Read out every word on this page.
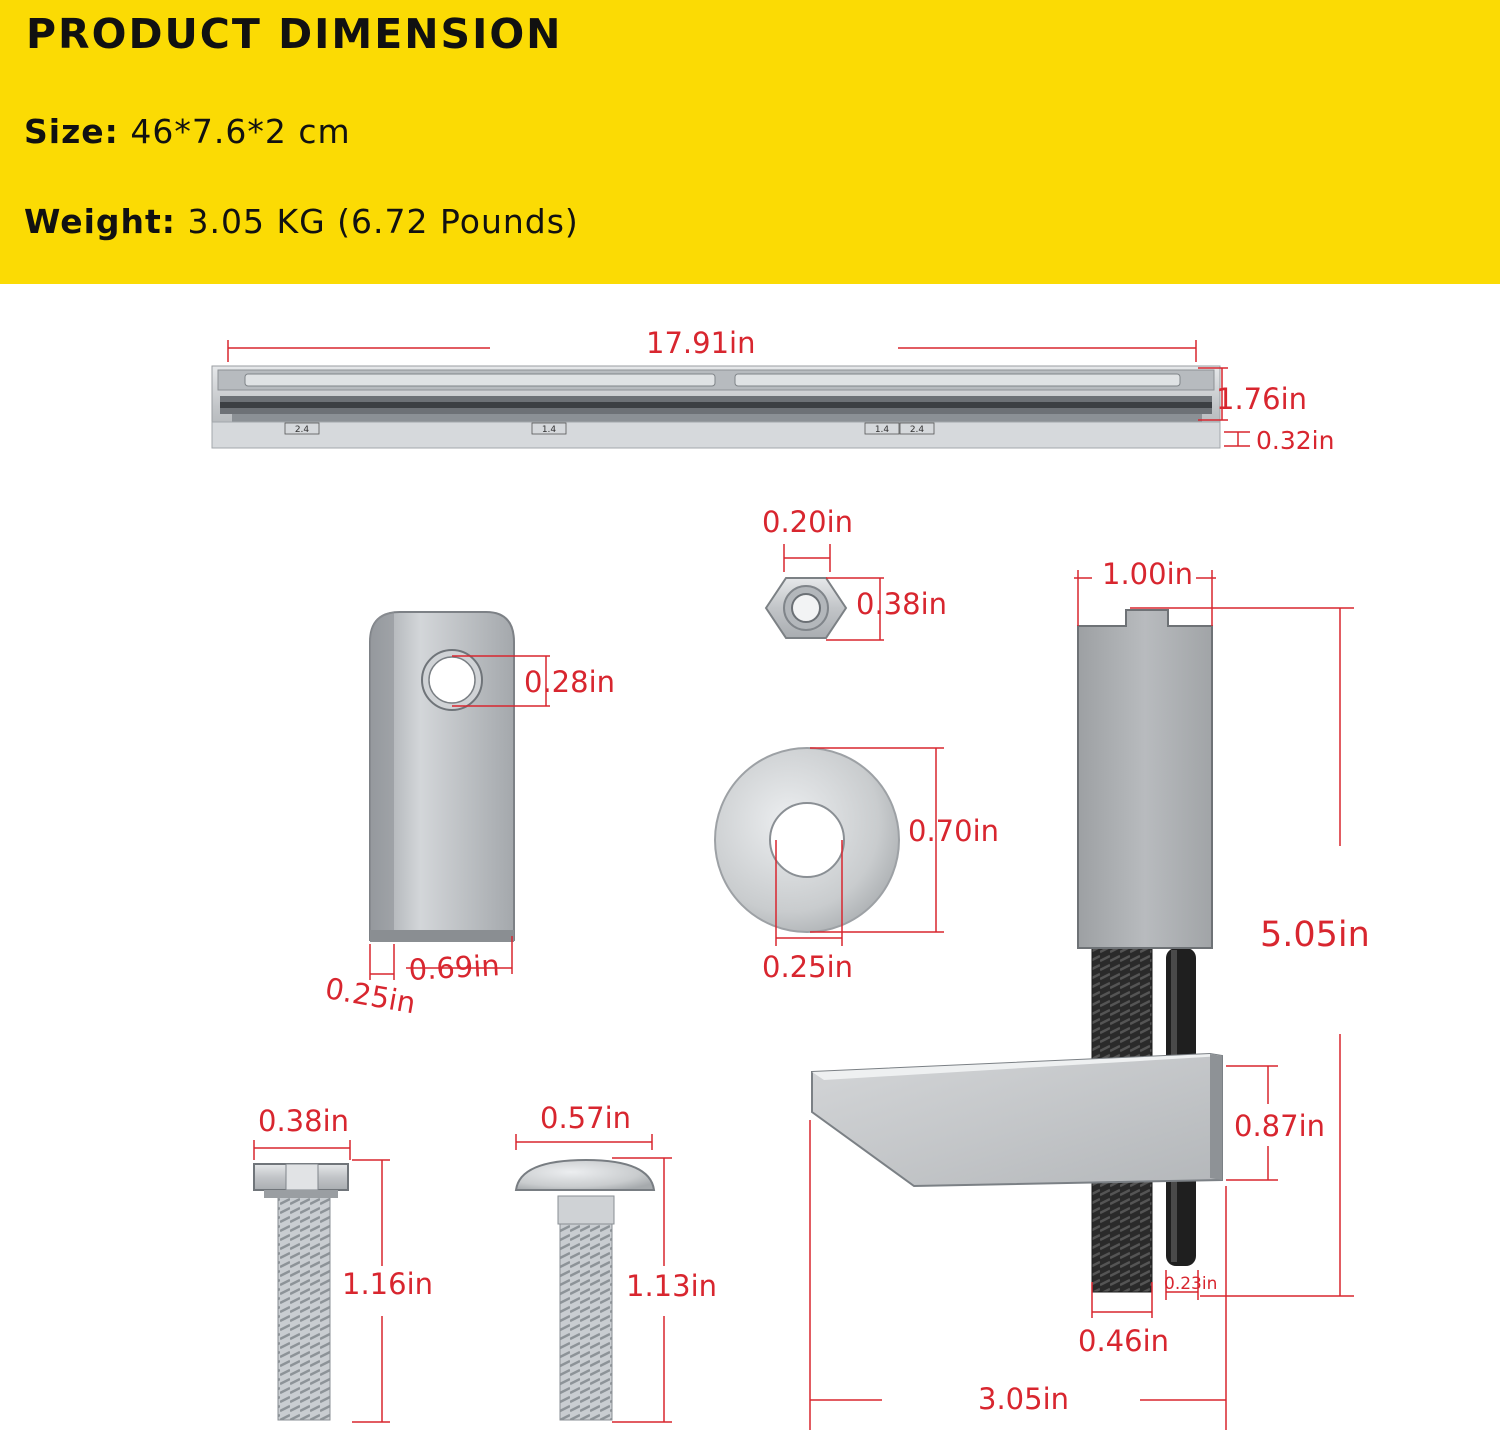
PRODUCT DIMENSION
Size: 46*7.6*2 cm
Weight: 3.05 KG (6.72 Pounds)
2.4	1.4	1.4 2.4
17.91in
1.76in
0.32in
0.20in
0.38in
0.28in
0.69in
0.25in
0.70in
0.25in
1.00in
5.05in
0.87in
0.23in
0.46in
3.05in
0.38in
1.16in
0.57in
1.13in
